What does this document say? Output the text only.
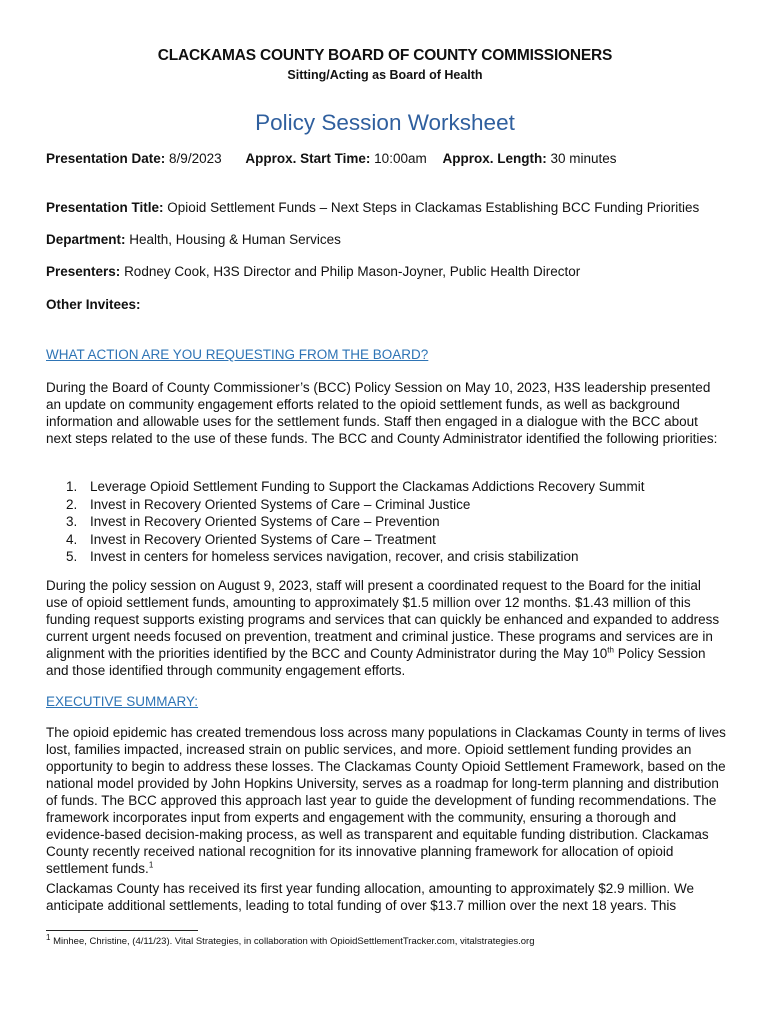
CLACKAMAS COUNTY BOARD OF COUNTY COMMISSIONERS
Sitting/Acting as Board of Health
Policy Session Worksheet
Presentation Date: 8/9/2023 Approx. Start Time: 10:00am Approx. Length: 30 minutes
Presentation Title: Opioid Settlement Funds – Next Steps in Clackamas Establishing BCC Funding Priorities
Department: Health, Housing & Human Services
Presenters: Rodney Cook, H3S Director and Philip Mason-Joyner, Public Health Director
Other Invitees:
WHAT ACTION ARE YOU REQUESTING FROM THE BOARD?
During the Board of County Commissioner’s (BCC) Policy Session on May 10, 2023, H3S leadership presented an update on community engagement efforts related to the opioid settlement funds, as well as background information and allowable uses for the settlement funds. Staff then engaged in a dialogue with the BCC about next steps related to the use of these funds. The BCC and County Administrator identified the following priorities:
1. Leverage Opioid Settlement Funding to Support the Clackamas Addictions Recovery Summit
2. Invest in Recovery Oriented Systems of Care – Criminal Justice
3. Invest in Recovery Oriented Systems of Care – Prevention
4. Invest in Recovery Oriented Systems of Care – Treatment
5. Invest in centers for homeless services navigation, recover, and crisis stabilization
During the policy session on August 9, 2023, staff will present a coordinated request to the Board for the initial use of opioid settlement funds, amounting to approximately $1.5 million over 12 months. $1.43 million of this funding request supports existing programs and services that can quickly be enhanced and expanded to address current urgent needs focused on prevention, treatment and criminal justice. These programs and services are in alignment with the priorities identified by the BCC and County Administrator during the May 10th Policy Session and those identified through community engagement efforts.
EXECUTIVE SUMMARY:
The opioid epidemic has created tremendous loss across many populations in Clackamas County in terms of lives lost, families impacted, increased strain on public services, and more. Opioid settlement funding provides an opportunity to begin to address these losses. The Clackamas County Opioid Settlement Framework, based on the national model provided by John Hopkins University, serves as a roadmap for long-term planning and distribution of funds. The BCC approved this approach last year to guide the development of funding recommendations. The framework incorporates input from experts and engagement with the community, ensuring a thorough and evidence-based decision-making process, as well as transparent and equitable funding distribution. Clackamas County recently received national recognition for its innovative planning framework for allocation of opioid settlement funds.$^1$
Clackamas County has received its first year funding allocation, amounting to approximately $2.9 million. We anticipate additional settlements, leading to total funding of over $13.7 million over the next 18 years. This
$^1$ Minhee, Christine, (4/11/23). Vital Strategies, in collaboration with OpioidSettlementTracker.com, vitalstrategies.org
